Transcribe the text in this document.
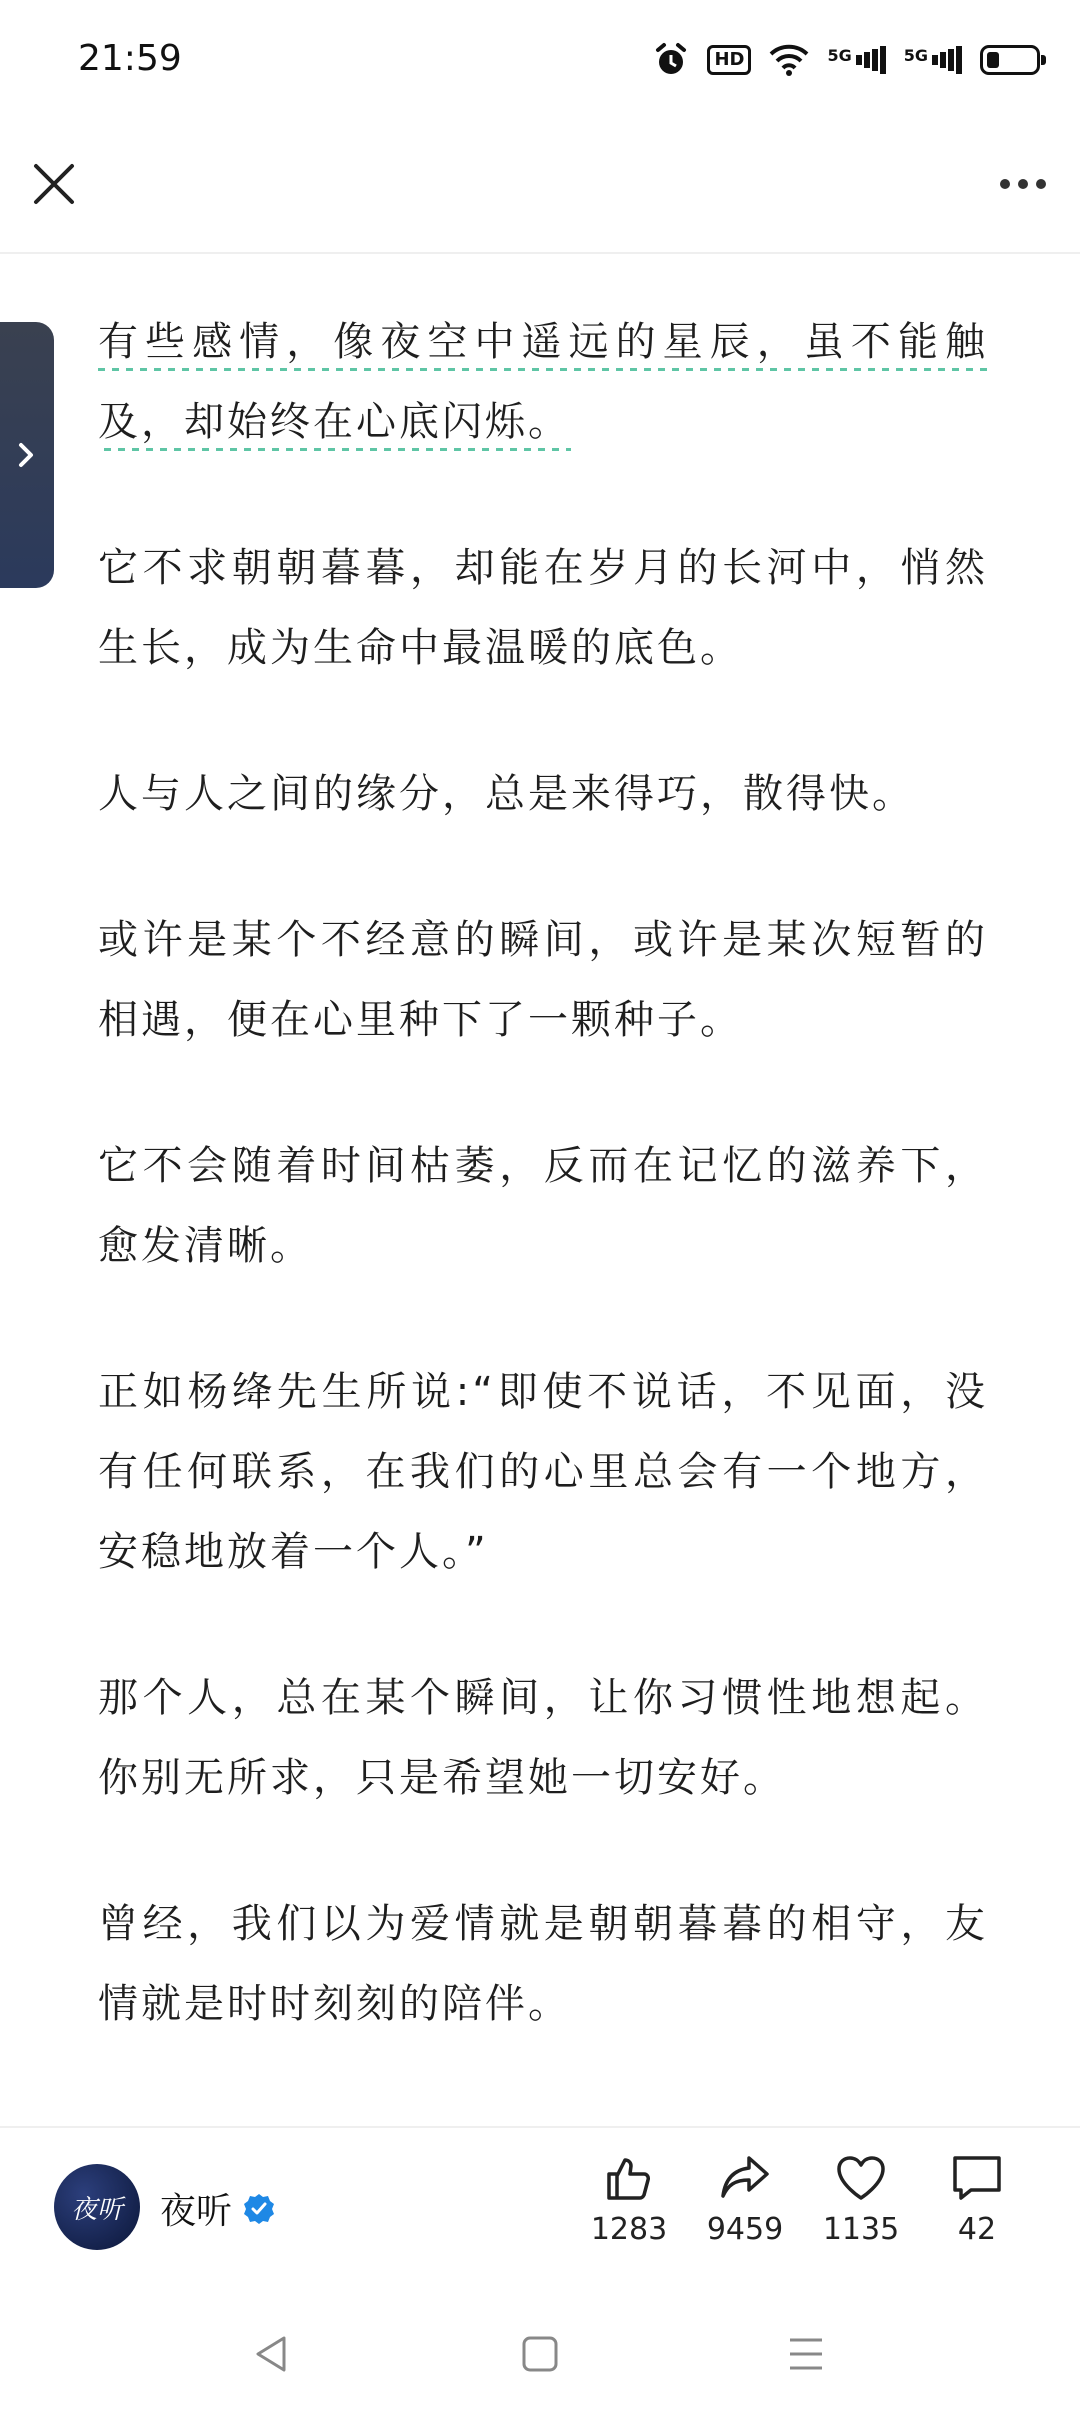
21:59	HD	5G	5G

有些感情，像夜空中遥远的星辰，虽不能触及，却始终在心底闪烁。

它不求朝朝暮暮，却能在岁月的长河中，悄然生长，成为生命中最温暖的底色。

人与人之间的缘分，总是来得巧，散得快。

或许是某个不经意的瞬间，或许是某次短暂的相遇，便在心里种下了一颗种子。

它不会随着时间枯萎，反而在记忆的滋养下，愈发清晰。

正如杨绛先生所说:“即使不说话，不见面，没有任何联系，在我们的心里总会有一个地方，安稳地放着一个人。”

那个人，总在某个瞬间，让你习惯性地想起。你别无所求，只是希望她一切安好。

曾经，我们以为爱情就是朝朝暮暮的相守，友情就是时时刻刻的陪伴。

夜听 夜听	1283	9459	1135	42
